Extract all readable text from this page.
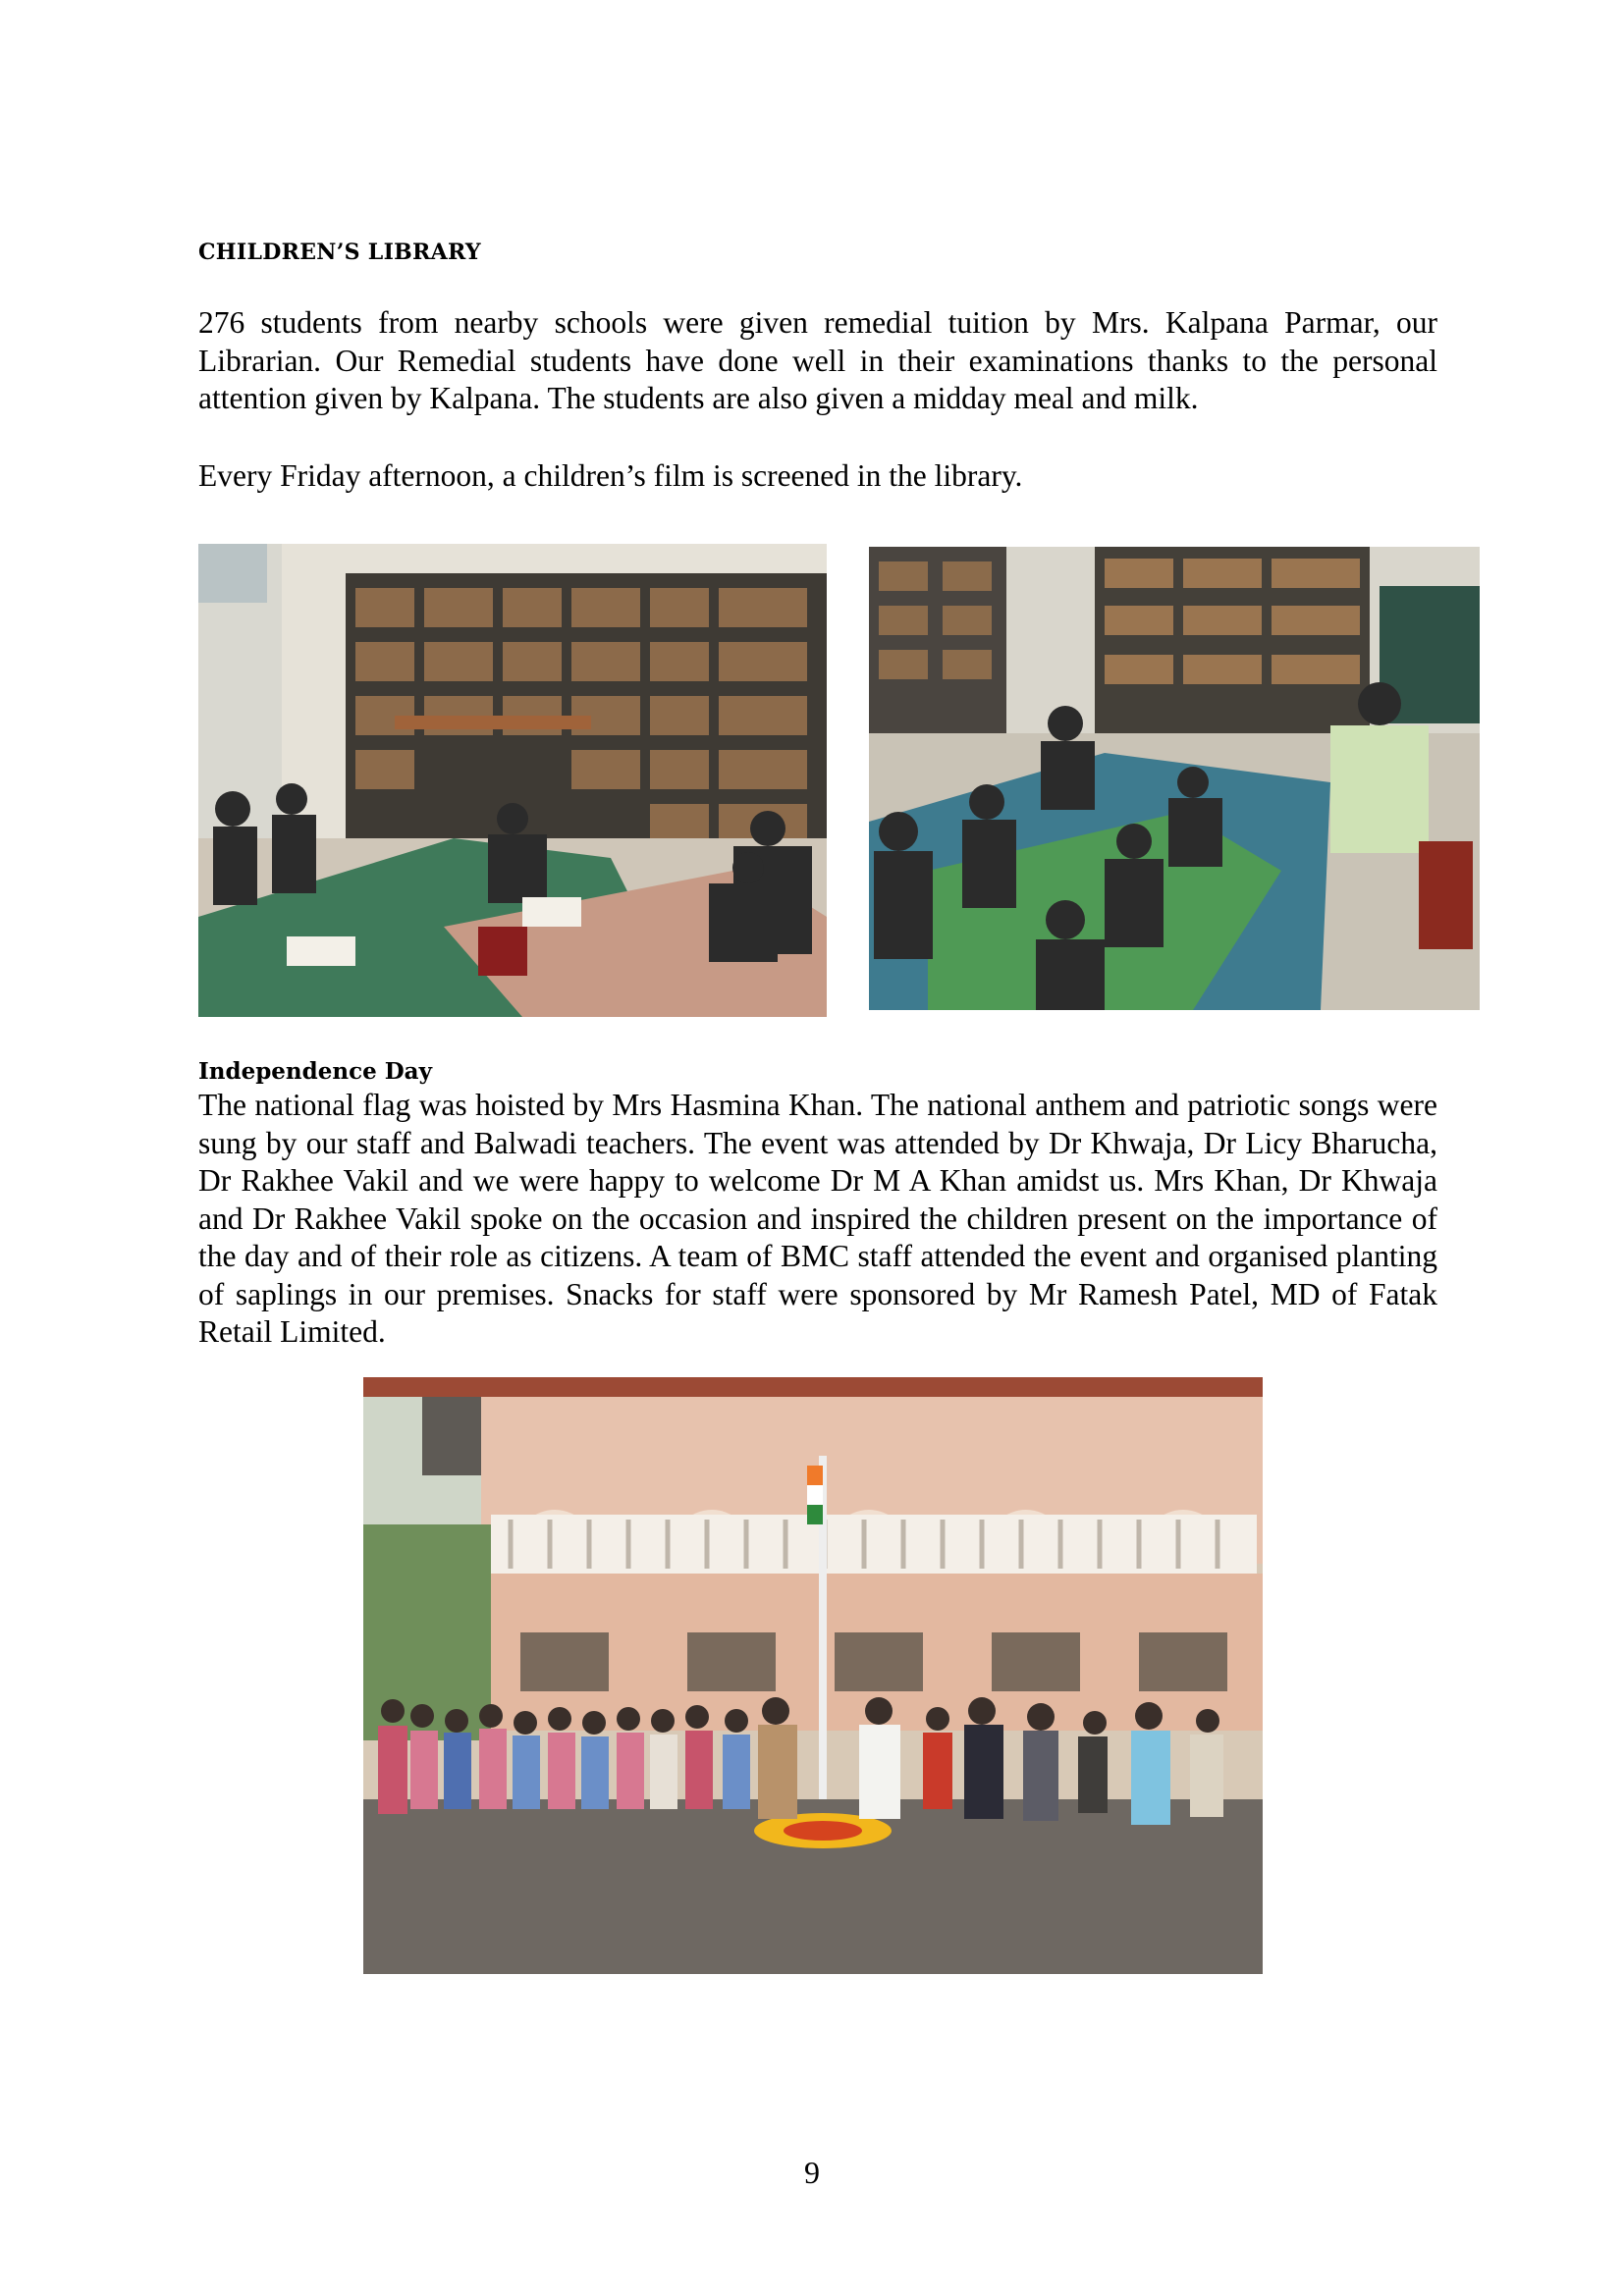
CHILDREN’S LIBRARY

276 students from nearby schools were given remedial tuition by Mrs. Kalpana Parmar, our Librarian. Our Remedial students have done well in their examinations thanks to the personal attention given by Kalpana. The students are also given a midday meal and milk.

Every Friday afternoon, a children’s film is screened in the library.

Independence Day

The national flag was hoisted by Mrs Hasmina Khan. The national anthem and patriotic songs were sung by our staff and Balwadi teachers. The event was attended by Dr Khwaja, Dr Licy Bharucha, Dr Rakhee Vakil and we were happy to welcome Dr M A Khan amidst us. Mrs Khan, Dr Khwaja and Dr Rakhee Vakil spoke on the occasion and inspired the children present on the importance of the day and of their role as citizens. A team of BMC staff attended the event and organised planting of saplings in our premises. Snacks for staff were sponsored by Mr Ramesh Patel, MD of Fatak Retail Limited.

9
